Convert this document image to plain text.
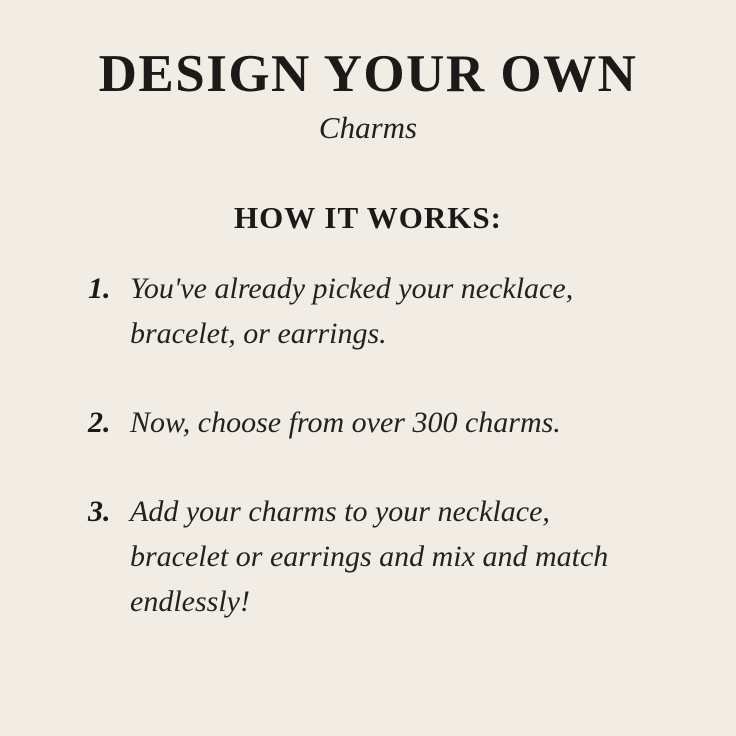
DESIGN YOUR OWN
Charms
HOW IT WORKS:
1. You've already picked your necklace, bracelet, or earrings.
2. Now, choose from over 300 charms.
3. Add your charms to your necklace, bracelet or earrings and mix and match endlessly!
